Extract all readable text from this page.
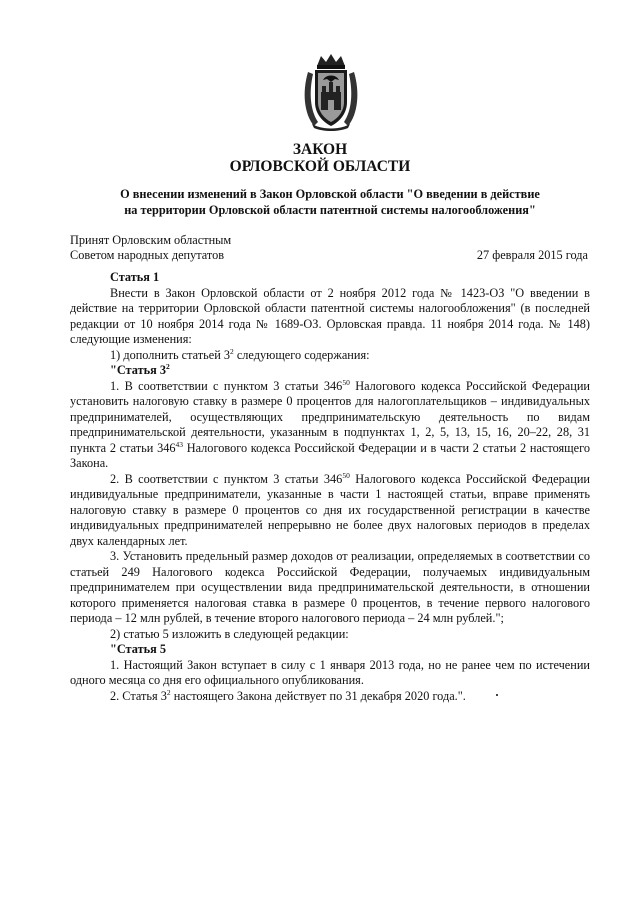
ЗАКОН
ОРЛОВСКОЙ ОБЛАСТИ
О внесении изменений в Закон Орловской области "О введении в действие
на территории Орловской области патентной системы налогообложения"
Принят Орловским областным
Советом народных депутатов	27 февраля 2015 года

Статья 1

Внести в Закон Орловской области от 2 ноября 2012 года № 1423-ОЗ "О введении в действие на территории Орловской области патентной системы налогообложения" (в последней редакции от 10 ноября 2014 года № 1689-ОЗ. Орловская правда. 11 ноября 2014 года. № 148) следующие изменения:

1) дополнить статьей $3^2$ следующего содержания:

"Статья $3^2$

1. В соответствии с пунктом 3 статьи $346^{50}$ Налогового кодекса Российской Федерации установить налоговую ставку в размере 0 процентов для налогоплательщиков – индивидуальных предпринимателей, осуществляющих предпринимательскую деятельность по видам предпринимательской деятельности, указанным в подпунктах 1, 2, 5, 13, 15, 16, 20–22, 28, 31 пункта 2 статьи $346^{43}$ Налогового кодекса Российской Федерации и в части 2 статьи 2 настоящего Закона.

2. В соответствии с пунктом 3 статьи $346^{50}$ Налогового кодекса Российской Федерации индивидуальные предприниматели, указанные в части 1 настоящей статьи, вправе применять налоговую ставку в размере 0 процентов со дня их государственной регистрации в качестве индивидуальных предпринимателей непрерывно не более двух налоговых периодов в пределах двух календарных лет.

3. Установить предельный размер доходов от реализации, определяемых в соответствии со статьей 249 Налогового кодекса Российской Федерации, получаемых индивидуальным предпринимателем при осуществлении вида предпринимательской деятельности, в отношении которого применяется налоговая ставка в размере 0 процентов, в течение первого налогового периода – 12 млн рублей, в течение второго налогового периода – 24 млн рублей.";

2) статью 5 изложить в следующей редакции:

"Статья 5

1. Настоящий Закон вступает в силу с 1 января 2013 года, но не ранее чем по истечении одного месяца со дня его официального опубликования.

2. Статья $3^2$ настоящего Закона действует по 31 декабря 2020 года.".
